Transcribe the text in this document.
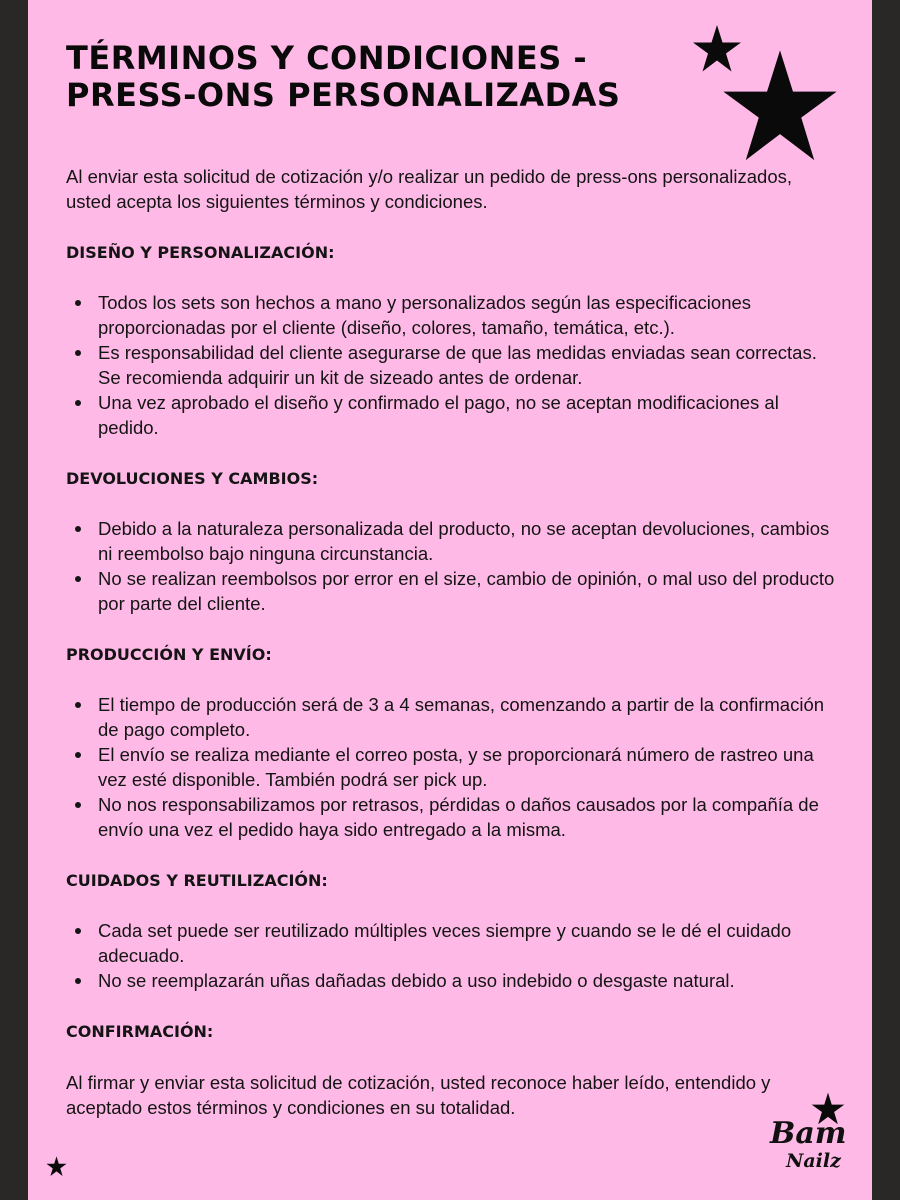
TÉRMINOS Y CONDICIONES -
PRESS-ONS PERSONALIZADAS

Al enviar esta solicitud de cotización y/o realizar un pedido de press-ons personalizados, usted acepta los siguientes términos y condiciones.

DISEÑO Y PERSONALIZACIÓN:
Todos los sets son hechos a mano y personalizados según las especificaciones proporcionadas por el cliente (diseño, colores, tamaño, temática, etc.).
Es responsabilidad del cliente asegurarse de que las medidas enviadas sean correctas. Se recomienda adquirir un kit de sizeado antes de ordenar.
Una vez aprobado el diseño y confirmado el pago, no se aceptan modificaciones al pedido.
DEVOLUCIONES Y CAMBIOS:
Debido a la naturaleza personalizada del producto, no se aceptan devoluciones, cambios ni reembolso bajo ninguna circunstancia.
No se realizan reembolsos por error en el size, cambio de opinión, o mal uso del producto por parte del cliente.
PRODUCCIÓN Y ENVÍO:
El tiempo de producción será de 3 a 4 semanas, comenzando a partir de la confirmación de pago completo.
El envío se realiza mediante el correo posta, y se proporcionará número de rastreo una vez esté disponible. También podrá ser pick up.
No nos responsabilizamos por retrasos, pérdidas o daños causados por la compañía de envío una vez el pedido haya sido entregado a la misma.
CUIDADOS Y REUTILIZACIÓN:
Cada set puede ser reutilizado múltiples veces siempre y cuando se le dé el cuidado adecuado.
No se reemplazarán uñas dañadas debido a uso indebido o desgaste natural.
CONFIRMACIÓN:

Al firmar y enviar esta solicitud de cotización, usted reconoce haber leído, entendido y aceptado estos términos y condiciones en su totalidad.

Bam
Nailz
